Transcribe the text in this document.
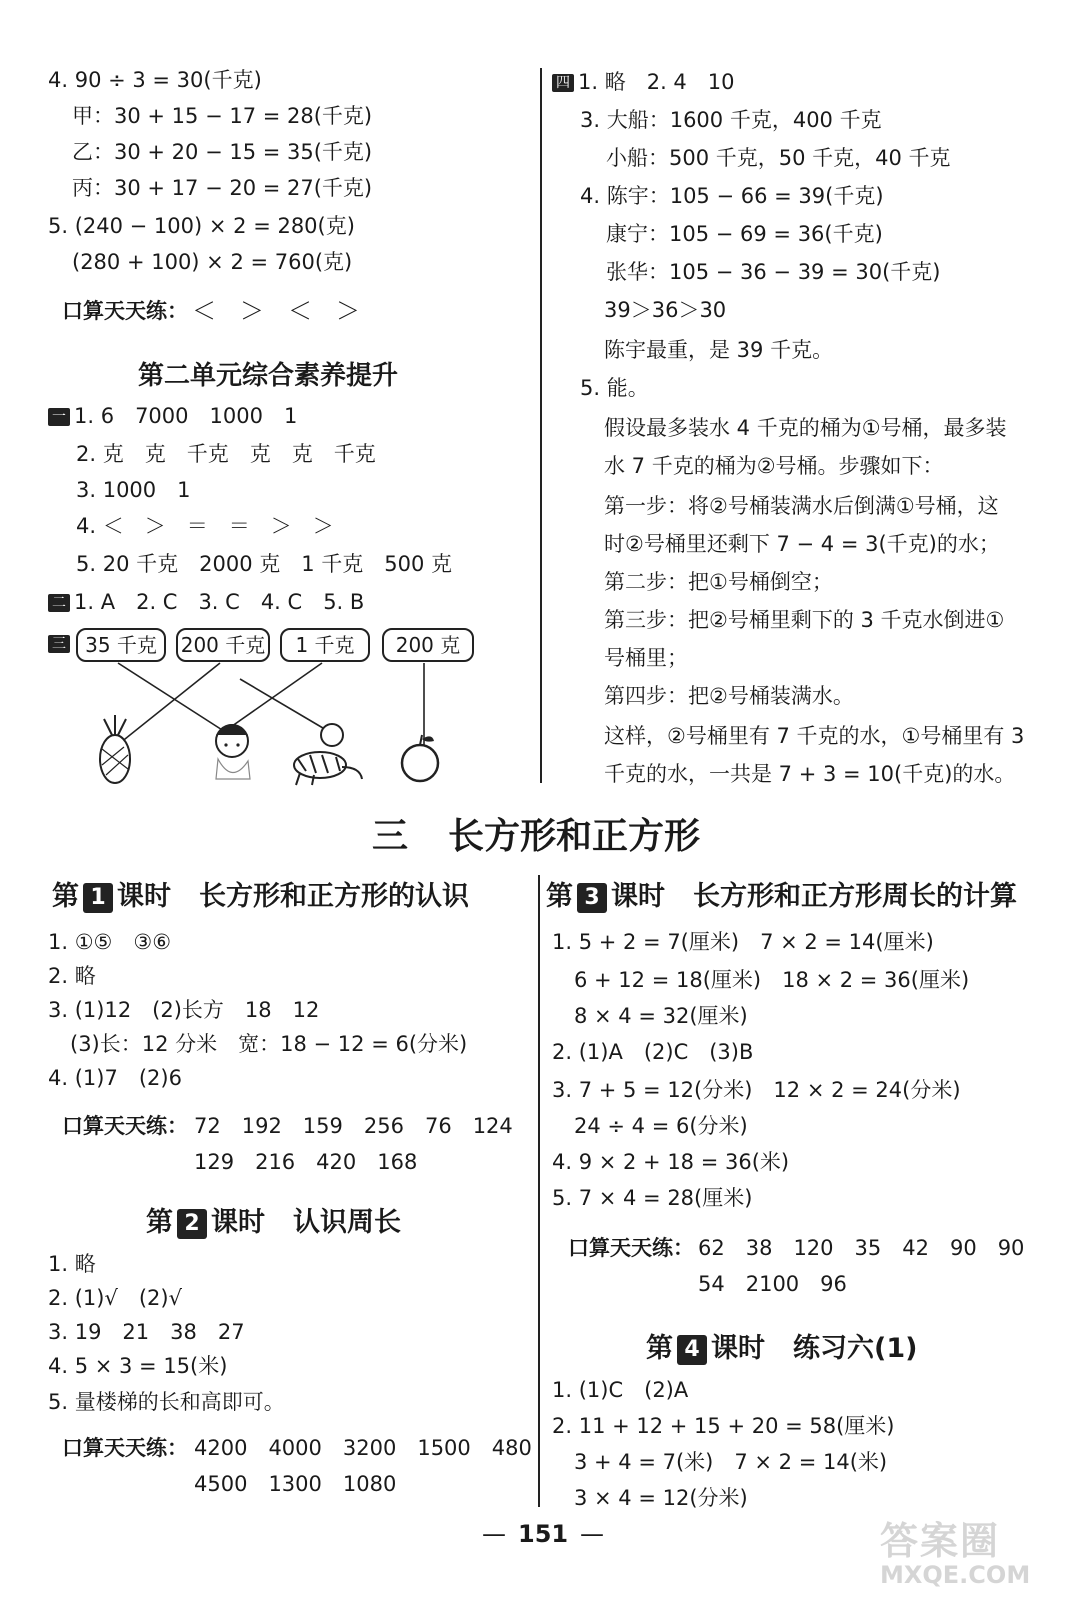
4. 90 ÷ 3 = 30(千克)
甲：30 + 15 − 17 = 28(千克)
乙：30 + 20 − 15 = 35(千克)
丙：30 + 17 − 20 = 27(千克)
5. (240 − 100) × 2 = 280(克)
(280 + 100) × 2 = 760(克)
口算天天练： ＜　＞　＜　＞
第二单元综合素养提升
一 1. 6　7000　1000　1
2. 克　克　千克　克　克　千克
3. 1000　1
4. ＜　＞　＝　＝　＞　＞
5. 20 千克　2000 克　1 千克　500 克
二 1. A　2. C　3. C　4. C　5. B
三 35 千克	200 千克	1 千克	200 克
四 1. 略　2. 4　10
3. 大船：1600 千克，400 千克
小船：500 千克，50 千克，40 千克
4. 陈宇：105 − 66 = 39(千克)
康宁：105 − 69 = 36(千克)
张华：105 − 36 − 39 = 30(千克)
39＞36＞30
陈宇最重，是 39 千克。
5. 能。
假设最多装水 4 千克的桶为①号桶，最多装
水 7 千克的桶为②号桶。步骤如下：
第一步：将②号桶装满水后倒满①号桶，这
时②号桶里还剩下 7 − 4 = 3(千克)的水；
第二步：把①号桶倒空；
第三步：把②号桶里剩下的 3 千克水倒进①
号桶里；
第四步：把②号桶装满水。
这样，②号桶里有 7 千克的水，①号桶里有 3
千克的水，一共是 7 + 3 = 10(千克)的水。
三 长方形和正方形
第 1 课时 长方形和正方形的认识
1. ①⑤　③⑥
2. 略
3. (1)12　(2)长方　18　12
(3)长：12 分米　宽：18 − 12 = 6(分米)
4. (1)7　(2)6
口算天天练： 72　192　159　256　76　124
129　216　420　168
第 2 课时 认识周长
1. 略
2. (1)√　(2)√
3. 19　21　38　27
4. 5 × 3 = 15(米)
5. 量楼梯的长和高即可。
口算天天练： 4200　4000　3200　1500　480
4500　1300　1080
第 3 课时 长方形和正方形周长的计算
1. 5 + 2 = 7(厘米)　7 × 2 = 14(厘米)
6 + 12 = 18(厘米)　18 × 2 = 36(厘米)
8 × 4 = 32(厘米)
2. (1)A　(2)C　(3)B
3. 7 + 5 = 12(分米)　12 × 2 = 24(分米)
24 ÷ 4 = 6(分米)
4. 9 × 2 + 18 = 36(米)
5. 7 × 4 = 28(厘米)
口算天天练： 62　38　120　35　42　90　90
54　2100　96
第 4 课时 练习六(1)
1. (1)C　(2)A
2. 11 + 12 + 15 + 20 = 58(厘米)
3 + 4 = 7(米)　7 × 2 = 14(米)
3 × 4 = 12(分米)
— 151 —	答案圈
MXQE.COM
